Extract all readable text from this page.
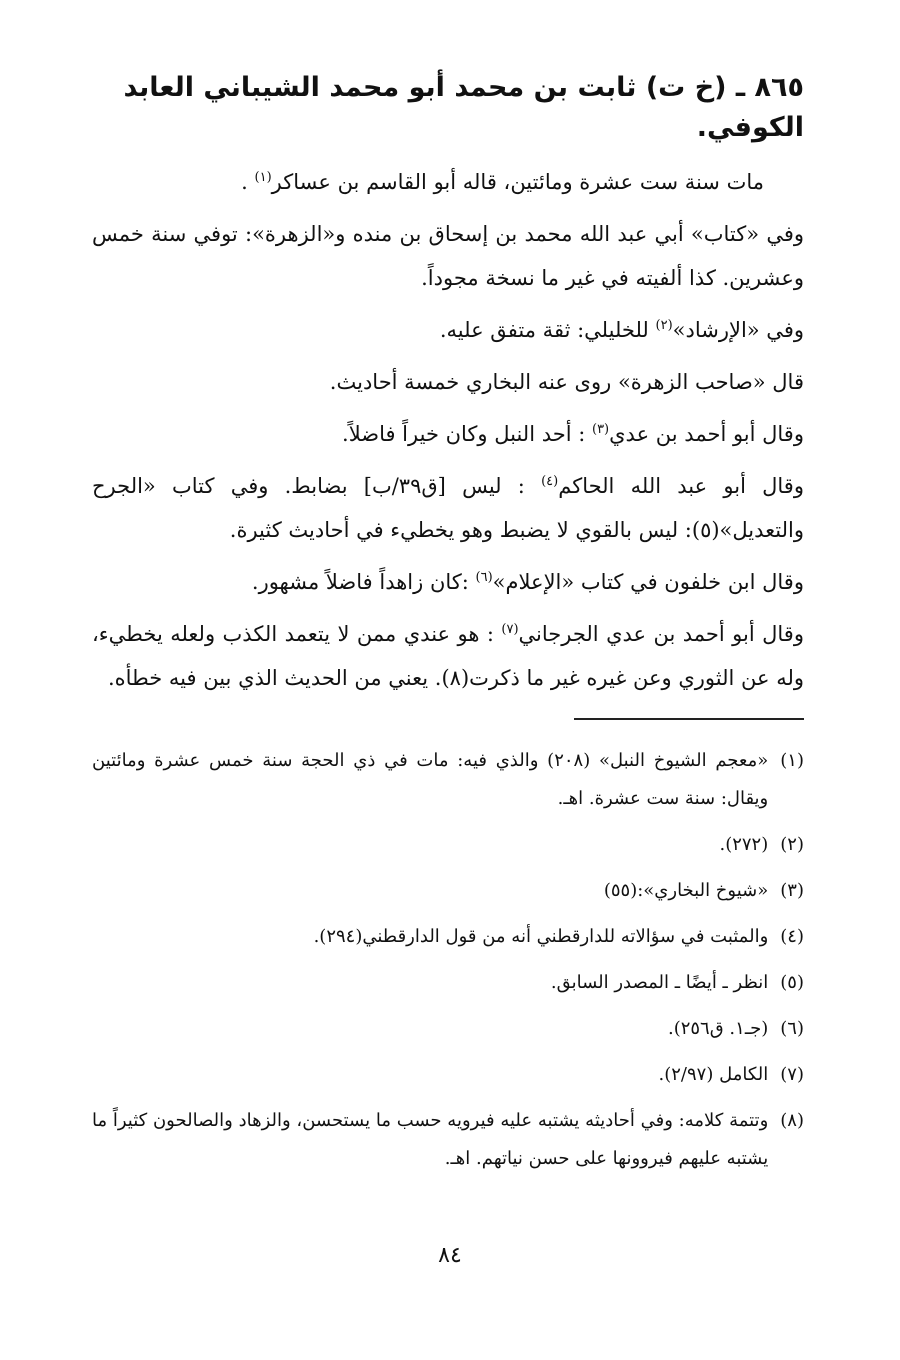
٨٦٥ ـ (خ ت) ثابت بن محمد أبو محمد الشيباني العابد الكوفي.

مات سنة ست عشرة ومائتين، قاله أبو القاسم بن عساكر$^{(١)}$ .

وفي «كتاب» أبي عبد الله محمد بن إسحاق بن منده و«الزهرة»: توفي سنة خمس وعشرين. كذا ألفيته في غير ما نسخة مجوداً.

وفي «الإرشاد»$^{(٢)}$ للخليلي: ثقة متفق عليه.

قال «صاحب الزهرة» روى عنه البخاري خمسة أحاديث.

وقال أبو أحمد بن عدي$^{(٣)}$ : أحد النبل وكان خيراً فاضلاً.

وقال أبو عبد الله الحاكم$^{(٤)}$ : ليس [ق٣٩/ب] بضابط. وفي كتاب «الجرح والتعديل»(٥): ليس بالقوي لا يضبط وهو يخطيء في أحاديث كثيرة.

وقال ابن خلفون في كتاب «الإعلام»$^{(٦)}$ :كان زاهداً فاضلاً مشهور.

وقال أبو أحمد بن عدي الجرجاني$^{(٧)}$ : هو عندي ممن لا يتعمد الكذب ولعله يخطيء، وله عن الثوري وعن غيره غير ما ذكرت(٨). يعني من الحديث الذي بين فيه خطأه.

(١)
«معجم الشيوخ النبل» (٢٠٨) والذي فيه: مات في ذي الحجة سنة خمس عشرة ومائتين ويقال: سنة ست عشرة. اهـ.
(٢)
(٢٧٢).
(٣)
«شيوخ البخاري»:(٥٥)
(٤)
والمثبت في سؤالاته للدارقطني أنه من قول الدارقطني(٢٩٤).
(٥)
انظر ـ أيضًا ـ المصدر السابق.
(٦)
(جـ١. ق٢٥٦).
(٧)
الكامل (٢/٩٧).
(٨)
وتتمة كلامه: وفي أحاديثه يشتبه عليه فيرويه حسب ما يستحسن، والزهاد والصالحون كثيراً ما يشتبه عليهم فيروونها على حسن نياتهم. اهـ.
٨٤
